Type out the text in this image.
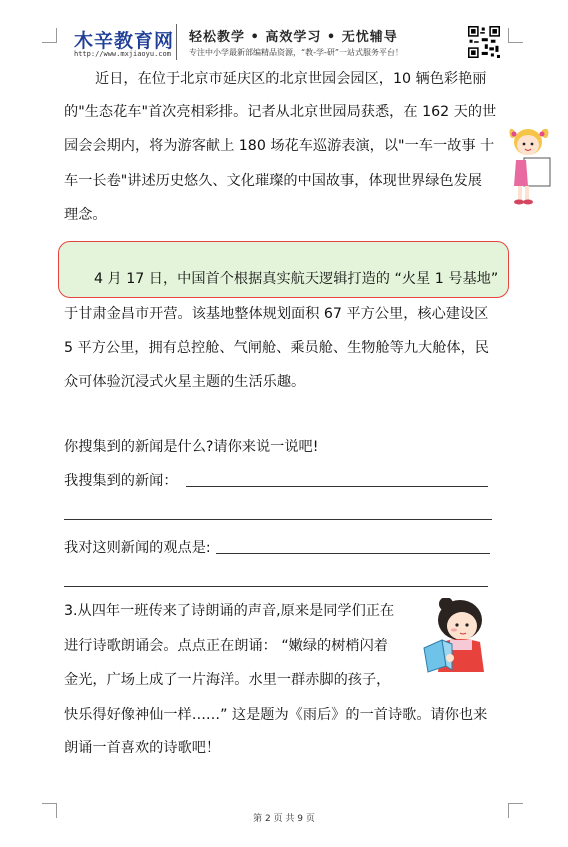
木辛教育网
http://www.mxjiaoyu.com
轻松教学 • 高效学习 • 无忧辅导
专注中小学最新部编精品资源，“教-学-研”一站式服务平台！
近日，在位于北京市延庆区的北京世园会园区，10 辆色彩艳丽
的"生态花车"首次亮相彩排。记者从北京世园局获悉，在 162 天的世
园会会期内，将为游客献上 180 场花车巡游表演，以"一车一故事 十
车一长卷"讲述历史悠久、文化璀璨的中国故事，体现世界绿色发展
理念。
4 月 17 日，中国首个根据真实航天逻辑打造的 “火星 1 号基地”
于甘肃金昌市开营。该基地整体规划面积 67 平方公里，核心建设区
5 平方公里，拥有总控舱、气闸舱、乘员舱、生物舱等九大舱体，民
众可体验沉浸式火星主题的生活乐趣。
你搜集到的新闻是什么?请你来说一说吧!
我搜集到的新闻：
我对这则新闻的观点是:
3.从四年一班传来了诗朗诵的声音,原来是同学们正在
进行诗歌朗诵会。点点正在朗诵： “嫩绿的树梢闪着
金光，广场上成了一片海洋。水里一群赤脚的孩子，
快乐得好像神仙一样……” 这是题为《雨后》的一首诗歌。请你也来
朗诵一首喜欢的诗歌吧！
第 2 页 共 9 页
